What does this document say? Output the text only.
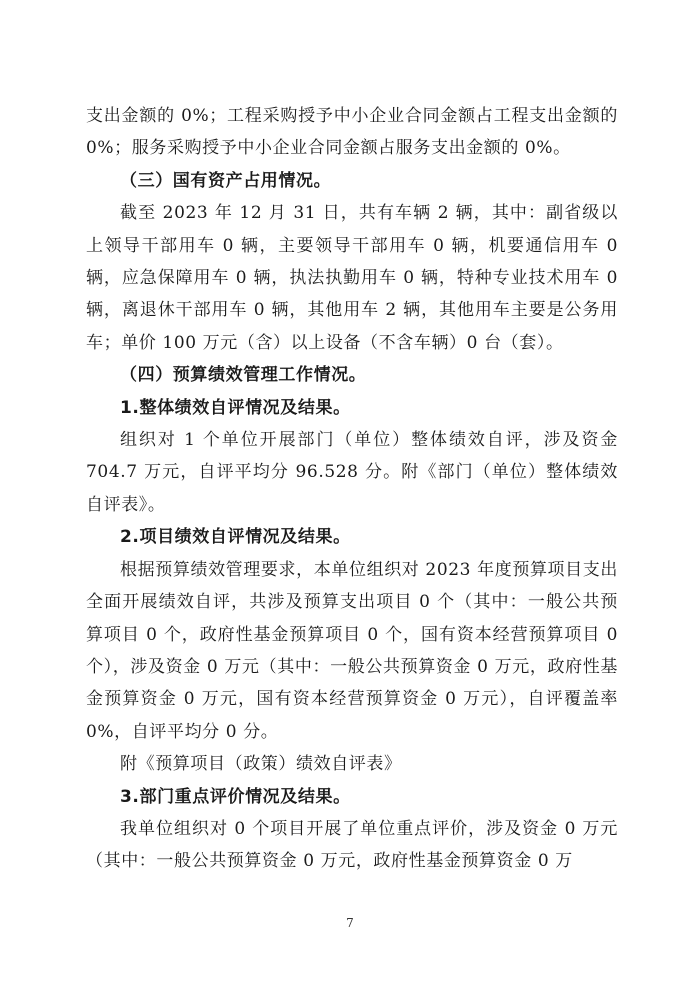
支出金额的 0%；工程采购授予中小企业合同金额占工程支出金额的 0%；服务采购授予中小企业合同金额占服务支出金额的 0%。

（三）国有资产占用情况。

截至 2023 年 12 月 31 日，共有车辆 2 辆，其中：副省级以上领导干部用车 0 辆，主要领导干部用车 0 辆，机要通信用车 0 辆，应急保障用车 0 辆，执法执勤用车 0 辆，特种专业技术用车 0 辆，离退休干部用车 0 辆，其他用车 2 辆，其他用车主要是公务用车；单价 100 万元（含）以上设备（不含车辆）0 台（套）。

（四）预算绩效管理工作情况。

1.整体绩效自评情况及结果。

组织对 1 个单位开展部门（单位）整体绩效自评，涉及资金 704.7 万元，自评平均分 96.528 分。附《部门（单位）整体绩效自评表》。

2.项目绩效自评情况及结果。

根据预算绩效管理要求，本单位组织对 2023 年度预算项目支出全面开展绩效自评，共涉及预算支出项目 0 个（其中：一般公共预算项目 0 个，政府性基金预算项目 0 个，国有资本经营预算项目 0 个），涉及资金 0 万元（其中：一般公共预算资金 0 万元，政府性基金预算资金 0 万元，国有资本经营预算资金 0 万元），自评覆盖率 0%，自评平均分 0 分。

附《预算项目（政策）绩效自评表》

3.部门重点评价情况及结果。

我单位组织对 0 个项目开展了单位重点评价，涉及资金 0 万元（其中：一般公共预算资金 0 万元，政府性基金预算资金 0 万

7
